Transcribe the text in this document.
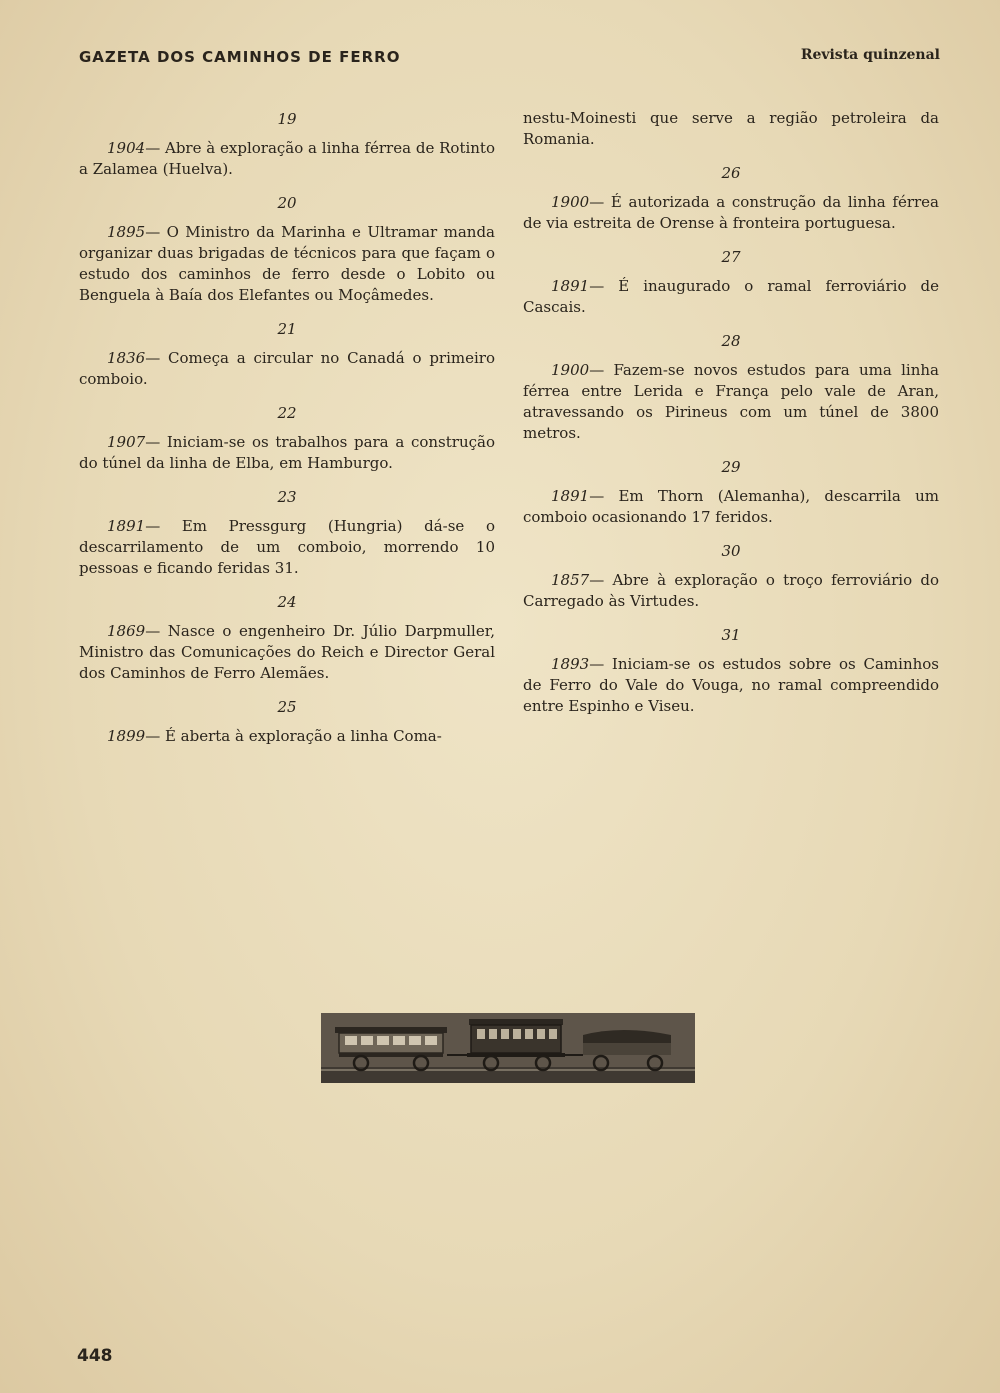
GAZETA DOS CAMINHOS DE FERRO	Revista quinzenal
19

1904— Abre à exploração a linha férrea de Rotinto a Zalamea (Huelva).

20

1895— O Ministro da Marinha e Ultramar manda organizar duas brigadas de técnicos para que façam o estudo dos caminhos de ferro desde o Lobito ou Benguela à Baía dos Elefantes ou Moçâmedes.

21

1836— Começa a circular no Canadá o primeiro comboio.

22

1907— Iniciam-se os trabalhos para a construção do túnel da linha de Elba, em Hamburgo.

23

1891— Em Pressgurg (Hungria) dá-se o descarrilamento de um comboio, morrendo 10 pessoas e ficando feridas 31.

24

1869— Nasce o engenheiro Dr. Júlio Darpmuller, Ministro das Comunicações do Reich e Director Geral dos Caminhos de Ferro Alemães.

25

1899— É aberta à exploração a linha Coma-

nestu-Moinesti que serve a região petroleira da Romania.

26

1900— É autorizada a construção da linha férrea de via estreita de Orense à fronteira portuguesa.

27

1891— É inaugurado o ramal ferroviário de Cascais.

28

1900— Fazem-se novos estudos para uma linha férrea entre Lerida e França pelo vale de Aran, atravessando os Pirineus com um túnel de 3800 metros.

29

1891— Em Thorn (Alemanha), descarrila um comboio ocasionando 17 feridos.

30

1857— Abre à exploração o troço ferroviário do Carregado às Virtudes.

31

1893— Iniciam-se os estudos sobre os Caminhos de Ferro do Vale do Vouga, no ramal compreendido entre Espinho e Viseu.

448
